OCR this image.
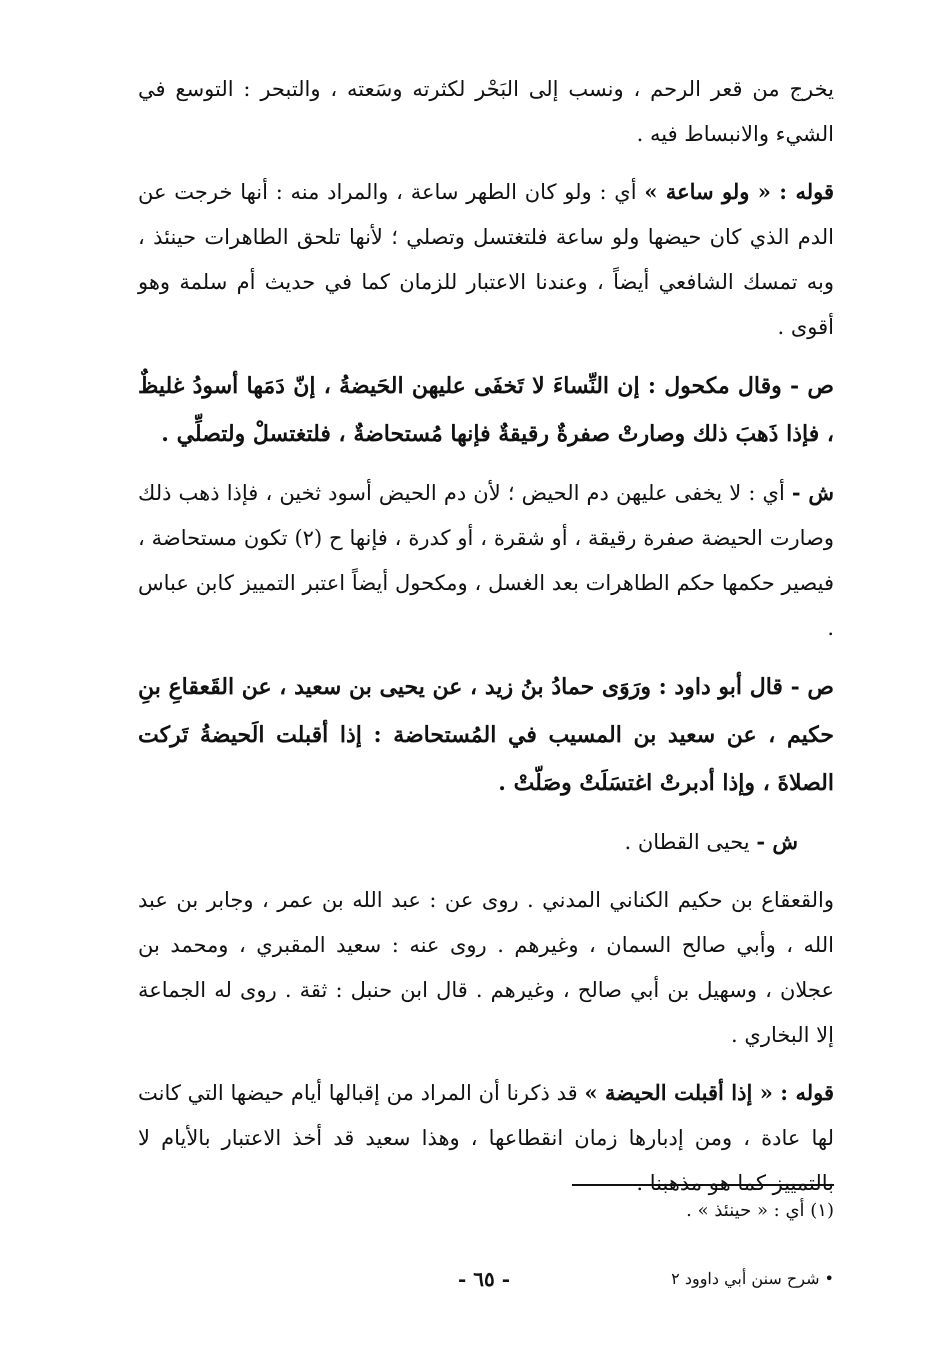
يخرج من قعر الرحم ، ونسب إلى البَحْر لكثرته وسَعته ، والتبحر : التوسع في الشيء والانبساط فيه .

قوله : « ولو ساعة » أي : ولو كان الطهر ساعة ، والمراد منه : أنها خرجت عن الدم الذي كان حيضها ولو ساعة فلتغتسل وتصلي ؛ لأنها تلحق الطاهرات حينئذ ، وبه تمسك الشافعي أيضاً ، وعندنا الاعتبار للزمان كما في حديث أم سلمة وهو أقوى .

ص - وقال مكحول : إن النِّساءَ لا تَخفَى عليهن الحَيضةُ ، إنّ دَمَها أسودُ غليظٌ ، فإذا ذَهبَ ذلك وصارتْ صفرةٌ رقيقةٌ فإنها مُستحاضةٌ ، فلتغتسلْ ولتصلِّي .

ش - أي : لا يخفى عليهن دم الحيض ؛ لأن دم الحيض أسود ثخين ، فإذا ذهب ذلك وصارت الحيضة صفرة رقيقة ، أو شقرة ، أو كدرة ، فإنها ح (٢) تكون مستحاضة ، فيصير حكمها حكم الطاهرات بعد الغسل ، ومكحول أيضاً اعتبر التمييز كابن عباس .

ص - قال أبو داود : ورَوَى حمادُ بنُ زيد ، عن يحيى بن سعيد ، عن القَعقاعِ بنِ حكيم ، عن سعيد بن المسيب في المُستحاضة : إذا أقبلت الَحيضةُ تَركت الصلاةَ ، وإذا أدبرتْ اغتسَلَتْ وصَلّتْ .

ش - يحيى القطان .

والقعقاع بن حكيم الكناني المدني . روى عن : عبد الله بن عمر ، وجابر بن عبد الله ، وأبي صالح السمان ، وغيرهم . روى عنه : سعيد المقبري ، ومحمد بن عجلان ، وسهيل بن أبي صالح ، وغيرهم . قال ابن حنبل : ثقة . روى له الجماعة إلا البخاري .

قوله : « إذا أقبلت الحيضة » قد ذكرنا أن المراد من إقبالها أيام حيضها التي كانت لها عادة ، ومن إدبارها زمان انقطاعها ، وهذا سعيد قد أخذ الاعتبار بالأيام لا بالتمييز كما هو مذهبنا .

(١) أي : « حينئذ » .
• شرح سنن أبي داوود ٢
- ٦٥ -
